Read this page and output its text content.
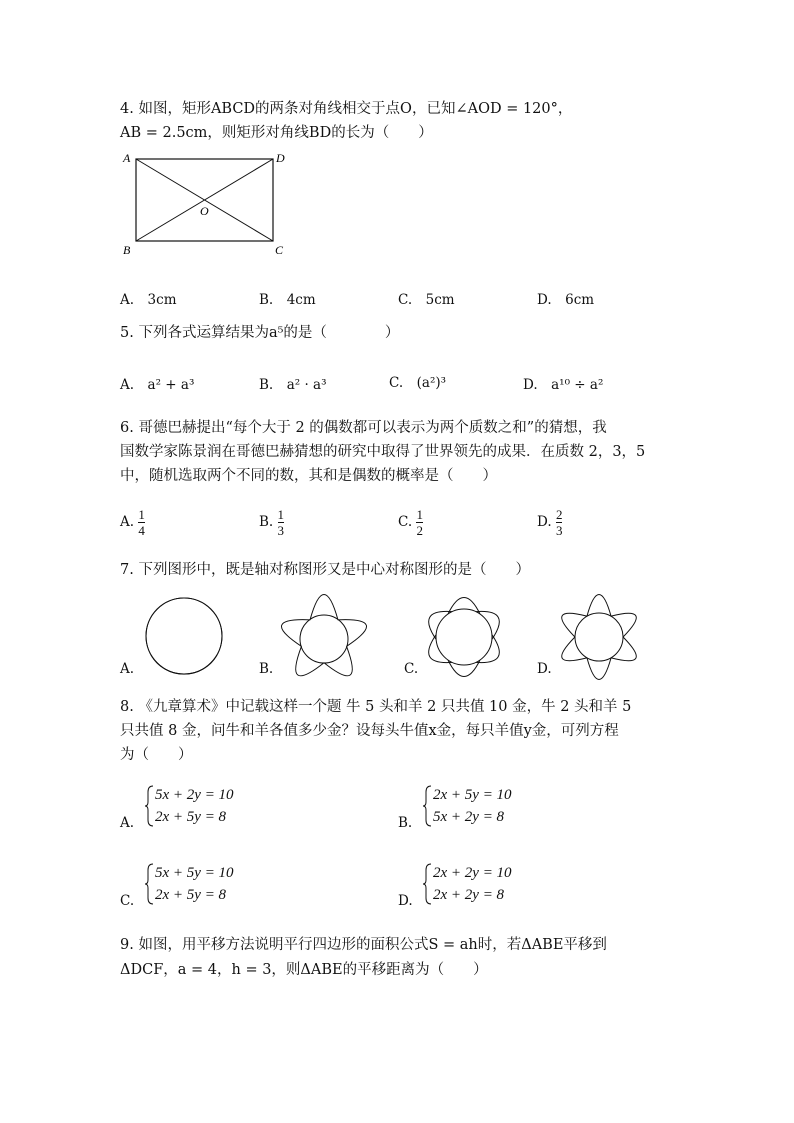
4. 如图，矩形ABCD的两条对角线相交于点O，已知∠AOD = 120°，
AB = 2.5cm，则矩形对角线BD的长为（　　）
A	D
B	C
O
A.　3cm	B.　4cm	C.　5cm	D.　6cm
5. 下列各式运算结果为a⁵的是（　　　　）
A.　a² + a³	B.　a² · a³	C.　(a²)³	D.　a¹⁰ ÷ a²
6. 哥德巴赫提出“每个大于 2 的偶数都可以表示为两个质数之和”的猜想，我
国数学家陈景润在哥德巴赫猜想的研究中取得了世界领先的成果．在质数 2，3，5
中，随机选取两个不同的数，其和是偶数的概率是（　　）
A. $\frac{1}{4}$	B. $\frac{1}{3}$	C. $\frac{1}{2}$	D. $\frac{2}{3}$
7. 下列图形中，既是轴对称图形又是中心对称图形的是（　　）
A.	B.	C.	D.
8. 《九章算术》中记载这样一个题 牛 5 头和羊 2 只共值 10 金，牛 2 头和羊 5
只共值 8 金，问牛和羊各值多少金？设每头牛值x金，每只羊值y金，可列方程
为（　　）
A.
5x + 2y = 10
2x + 5y = 8	B.
2x + 5y = 10
5x + 2y = 8
C.
5x + 5y = 10
2x + 5y = 8	D.
2x + 2y = 10
2x + 2y = 8
9. 如图，用平移方法说明平行四边形的面积公式S = ah时，若ΔABE平移到
ΔDCF，a = 4，h = 3，则ΔABE的平移距离为（　　）
